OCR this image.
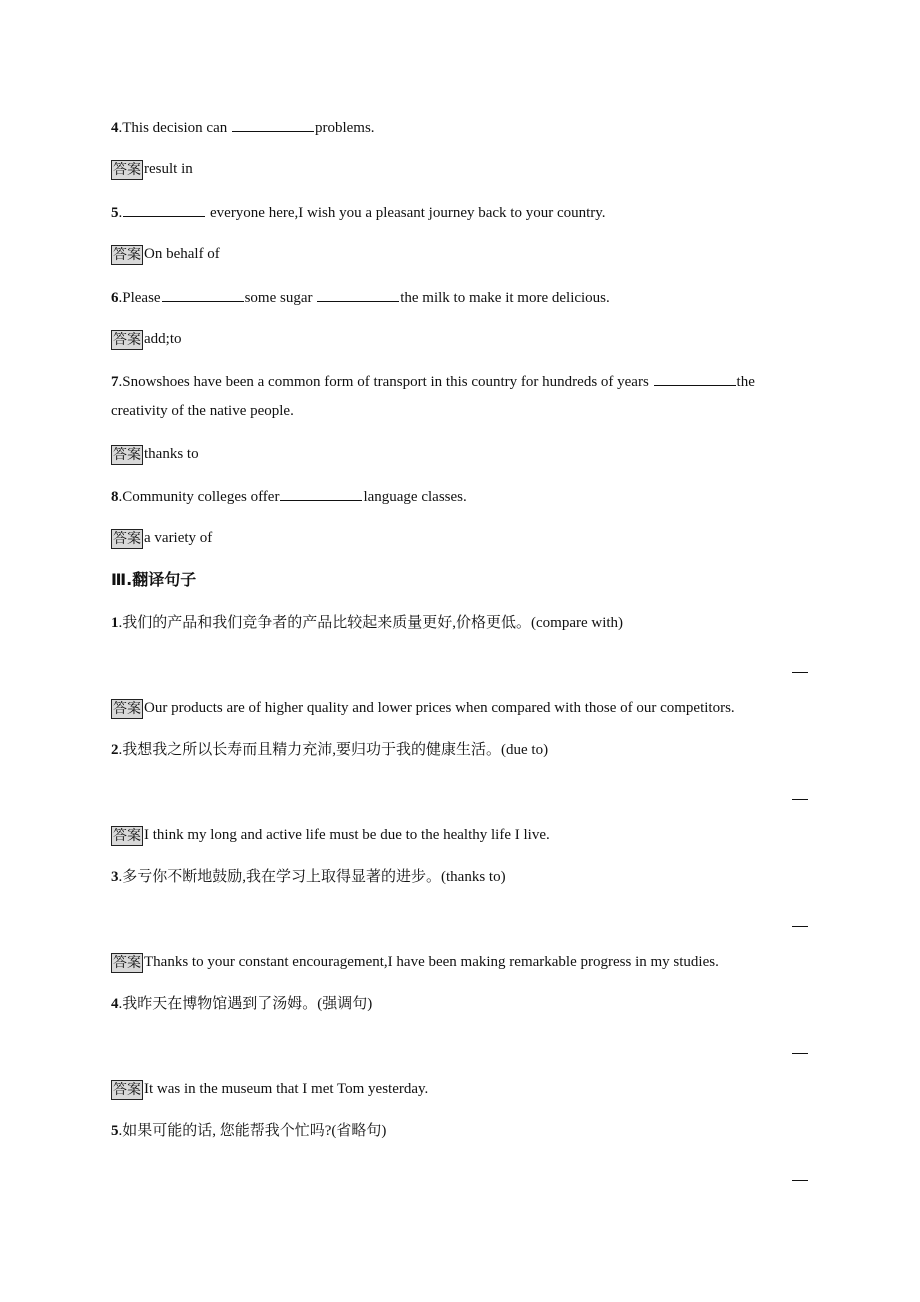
4.This decision can	problems.
答案 result in
5.	everyone here,I wish you a pleasant journey back to your country.
答案 On behalf of
6.Please	some sugar	the milk to make it more delicious.
答案 add;to
7.Snowshoes have been a common form of transport in this country for hundreds of years	the
creativity of the native people.
答案 thanks to
8.Community colleges offer	language classes.
答案 a variety of
Ⅲ.翻译句子
1.我们的产品和我们竞争者的产品比较起来质量更好,价格更低。(compare with)
答案 Our products are of higher quality and lower prices when compared with those of our competitors.
2.我想我之所以长寿而且精力充沛,要归功于我的健康生活。(due to)
答案 I think my long and active life must be due to the healthy life I live.
3.多亏你不断地鼓励,我在学习上取得显著的进步。(thanks to)
答案 Thanks to your constant encouragement,I have been making remarkable progress in my studies.
4.我昨天在博物馆遇到了汤姆。(强调句)
答案 It was in the museum that I met Tom yesterday.
5.如果可能的话, 您能帮我个忙吗?(省略句)
